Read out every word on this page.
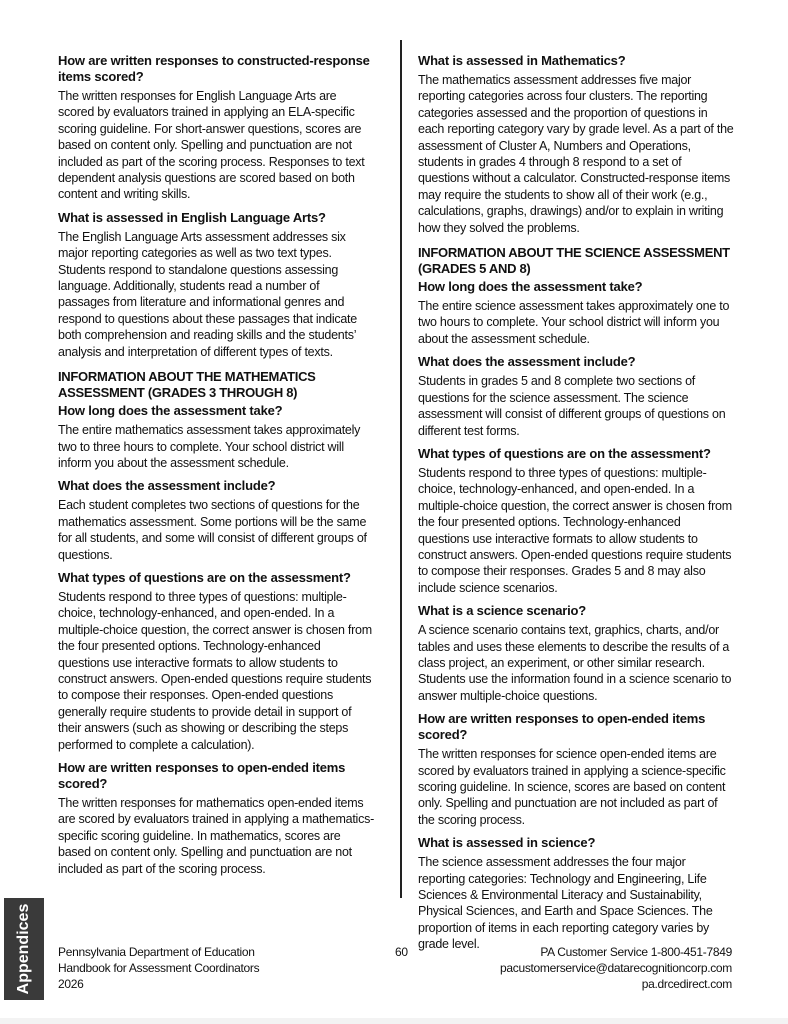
How are written responses to constructed-response items scored?

The written responses for English Language Arts are scored by evaluators trained in applying an ELA-specific scoring guideline. For short-answer questions, scores are based on content only. Spelling and punctuation are not included as part of the scoring process. Responses to text dependent analysis questions are scored based on both content and writing skills.

What is assessed in English Language Arts?

The English Language Arts assessment addresses six major reporting categories as well as two text types. Students respond to standalone questions assessing language. Additionally, students read a number of passages from literature and informational genres and respond to questions about these passages that indicate both comprehension and reading skills and the students’ analysis and interpretation of different types of texts.

INFORMATION ABOUT THE MATHEMATICS ASSESSMENT (GRADES 3 THROUGH 8)
How long does the assessment take?

The entire mathematics assessment takes approximately two to three hours to complete. Your school district will inform you about the assessment schedule.

What does the assessment include?

Each student completes two sections of questions for the mathematics assessment. Some portions will be the same for all students, and some will consist of different groups of questions.

What types of questions are on the assessment?

Students respond to three types of questions: multiple-choice, technology-enhanced, and open-ended. In a multiple-choice question, the correct answer is chosen from the four presented options. Technology-enhanced questions use interactive formats to allow students to construct answers. Open-ended questions require students to compose their responses. Open-ended questions generally require students to provide detail in support of their answers (such as showing or describing the steps performed to complete a calculation).

How are written responses to open-ended items scored?

The written responses for mathematics open-ended items are scored by evaluators trained in applying a mathematics-specific scoring guideline. In mathematics, scores are based on content only. Spelling and punctuation are not included as part of the scoring process.

What is assessed in Mathematics?

The mathematics assessment addresses five major reporting categories across four clusters. The reporting categories assessed and the proportion of questions in each reporting category vary by grade level. As a part of the assessment of Cluster A, Numbers and Operations, students in grades 4 through 8 respond to a set of questions without a calculator. Constructed-response items may require the students to show all of their work (e.g., calculations, graphs, drawings) and/or to explain in writing how they solved the problems.

INFORMATION ABOUT THE SCIENCE ASSESSMENT (GRADES 5 AND 8)
How long does the assessment take?

The entire science assessment takes approximately one to two hours to complete. Your school district will inform you about the assessment schedule.

What does the assessment include?

Students in grades 5 and 8 complete two sections of questions for the science assessment. The science assessment will consist of different groups of questions on different test forms.

What types of questions are on the assessment?

Students respond to three types of questions: multiple-choice, technology-enhanced, and open-ended. In a multiple-choice question, the correct answer is chosen from the four presented options. Technology-enhanced questions use interactive formats to allow students to construct answers. Open-ended questions require students to compose their responses. Grades 5 and 8 may also include science scenarios.

What is a science scenario?

A science scenario contains text, graphics, charts, and/or tables and uses these elements to describe the results of a class project, an experiment, or other similar research. Students use the information found in a science scenario to answer multiple-choice questions.

How are written responses to open-ended items scored?

The written responses for science open-ended items are scored by evaluators trained in applying a science-specific scoring guideline. In science, scores are based on content only. Spelling and punctuation are not included as part of the scoring process.

What is assessed in science?

The science assessment addresses the four major reporting categories: Technology and Engineering, Life Sciences & Environmental Literacy and Sustainability, Physical Sciences, and Earth and Space Sciences. The proportion of items in each reporting category varies by grade level.

Appendices Pennsylvania Department of Education
Handbook for Assessment Coordinators
2026
60	PA Customer Service 1-800-451-7849
pacustomerservice@datarecognitioncorp.com
pa.drcedirect.com
